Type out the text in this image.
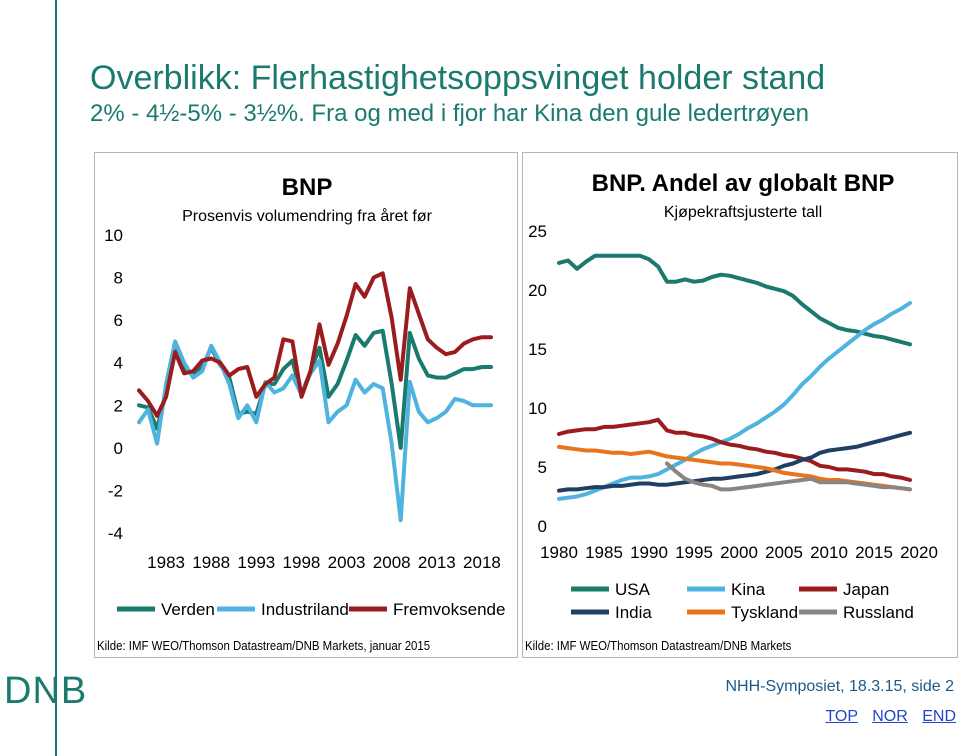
Overblikk: Flerhastighetsoppsvinget holder stand
2% - 4½-5% - 3½%. Fra og med i fjor har Kina den gule ledertrøyen
BNP
Prosenvis volumendring fra året før
10
8
6
4
2
0
-2
-4
1983 1988 1993 1998 2003 2008 2013 2018
Verden	Industriland	Fremvoksende
Kilde: IMF WEO/Thomson Datastream/DNB Markets, januar 2015
BNP. Andel av globalt BNP
Kjøpekraftsjusterte tall
25
20
15
10
5
0
1980 1985 1990 1995 2000 2005 2010 2015 2020
USA	Kina	Japan
India	Tyskland	Russland
Kilde: IMF WEO/Thomson Datastream/DNB Markets
DNB	NHH-Symposiet, 18.3.15, side 2
TOP NOR END
